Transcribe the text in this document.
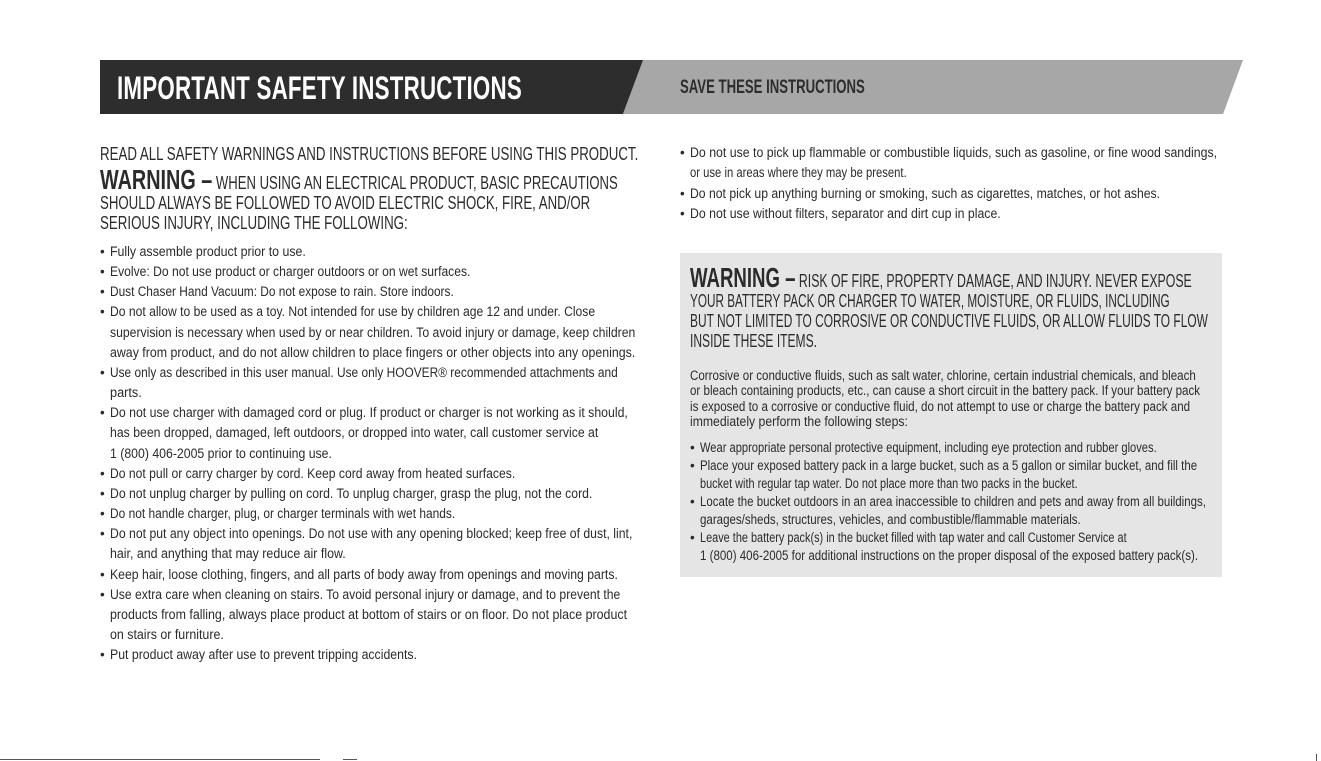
IMPORTANT SAFETY INSTRUCTIONS	SAVE THESE INSTRUCTIONS
READ ALL SAFETY WARNINGS AND INSTRUCTIONS BEFORE USING THIS PRODUCT.
WARNING – WHEN USING AN ELECTRICAL PRODUCT, BASIC PRECAUTIONS
SHOULD ALWAYS BE FOLLOWED TO AVOID ELECTRIC SHOCK, FIRE, AND/OR
SERIOUS INJURY, INCLUDING THE FOLLOWING:
• Fully assemble product prior to use.
• Evolve: Do not use product or charger outdoors or on wet surfaces.
• Dust Chaser Hand Vacuum: Do not expose to rain. Store indoors.
• Do not allow to be used as a toy. Not intended for use by children age 12 and under. Close
supervision is necessary when used by or near children. To avoid injury or damage, keep children
away from product, and do not allow children to place fingers or other objects into any openings.
• Use only as described in this user manual. Use only HOOVER® recommended attachments and
parts.
• Do not use charger with damaged cord or plug. If product or charger is not working as it should,
has been dropped, damaged, left outdoors, or dropped into water, call customer service at
1 (800) 406-2005 prior to continuing use.
• Do not pull or carry charger by cord. Keep cord away from heated surfaces.
• Do not unplug charger by pulling on cord. To unplug charger, grasp the plug, not the cord.
• Do not handle charger, plug, or charger terminals with wet hands.
• Do not put any object into openings. Do not use with any opening blocked; keep free of dust, lint,
hair, and anything that may reduce air flow.
• Keep hair, loose clothing, fingers, and all parts of body away from openings and moving parts.
• Use extra care when cleaning on stairs. To avoid personal injury or damage, and to prevent the
products from falling, always place product at bottom of stairs or on floor. Do not place product
on stairs or furniture.
• Put product away after use to prevent tripping accidents.
• Do not use to pick up flammable or combustible liquids, such as gasoline, or fine wood sandings,
or use in areas where they may be present.
• Do not pick up anything burning or smoking, such as cigarettes, matches, or hot ashes.
• Do not use without filters, separator and dirt cup in place.
WARNING – RISK OF FIRE, PROPERTY DAMAGE, AND INJURY. NEVER EXPOSE
YOUR BATTERY PACK OR CHARGER TO WATER, MOISTURE, OR FLUIDS, INCLUDING
BUT NOT LIMITED TO CORROSIVE OR CONDUCTIVE FLUIDS, OR ALLOW FLUIDS TO FLOW
INSIDE THESE ITEMS.
Corrosive or conductive fluids, such as salt water, chlorine, certain industrial chemicals, and bleach
or bleach containing products, etc., can cause a short circuit in the battery pack. If your battery pack
is exposed to a corrosive or conductive fluid, do not attempt to use or charge the battery pack and
immediately perform the following steps:
• Wear appropriate personal protective equipment, including eye protection and rubber gloves.
• Place your exposed battery pack in a large bucket, such as a 5 gallon or similar bucket, and fill the
bucket with regular tap water. Do not place more than two packs in the bucket.
• Locate the bucket outdoors in an area inaccessible to children and pets and away from all buildings,
garages/sheds, structures, vehicles, and combustible/flammable materials.
• Leave the battery pack(s) in the bucket filled with tap water and call Customer Service at
1 (800) 406-2005 for additional instructions on the proper disposal of the exposed battery pack(s).
